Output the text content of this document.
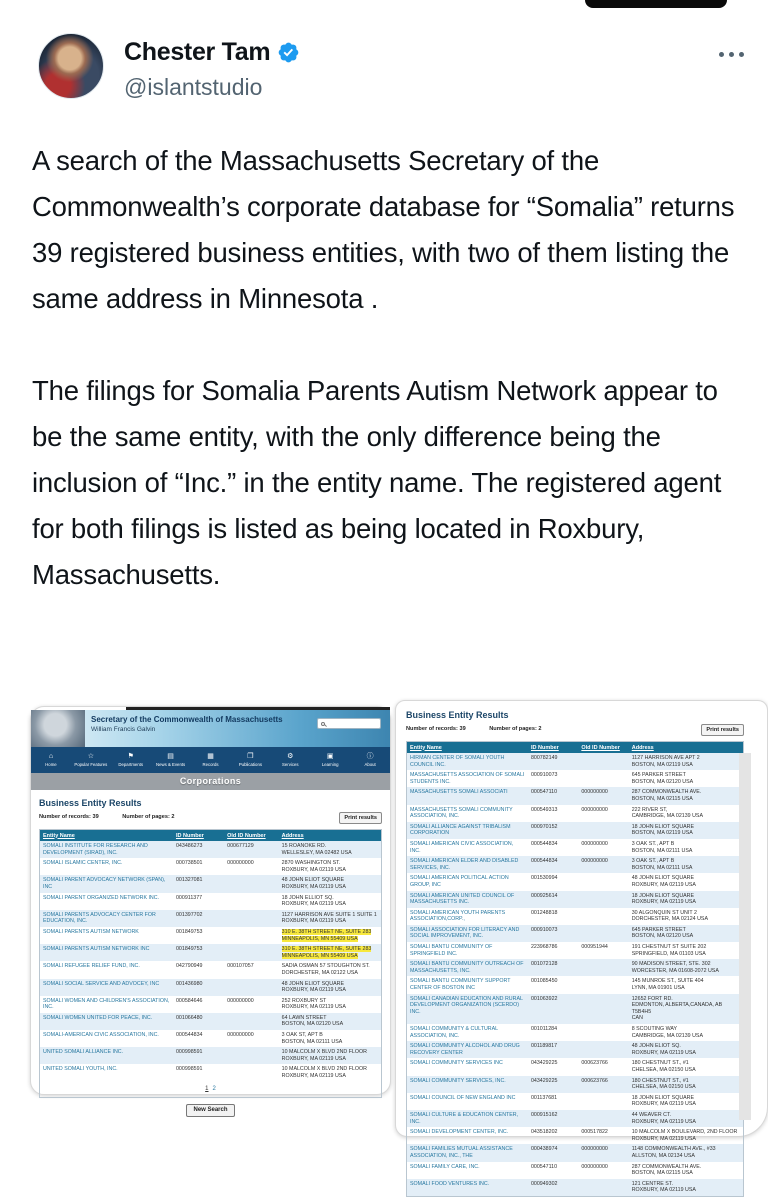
Chester Tam
@islantstudio

A search of the Massachusetts Secretary of the Commonwealth’s corporate database for “Somalia” returns 39 registered business entities, with two of them listing the same address in Minnesota .

The filings for Somalia Parents Autism Network appear to be the same entity, with the only difference being the inclusion of “Inc.” in the entity name. The registered agent for both filings is listed as being located in Roxbury, Massachusetts.

Secretary of the Commonwealth of Massachusetts
William Francis Galvin
⌂
Home
☆
Popular Features
⚑
Departments
▤
News & Events
▦
Records
❐
Publications
⚙
Services
▣
Learning
ⓘ
About
Corporations
Business Entity Results
Number of records: 39	Number of pages: 2	Print results
Entity Name	ID Number	Old ID Number	Address
SOMALI INSTITUTE FOR RESEARCH AND DEVELOPMENT (SIRAD), INC.	043486273	000677129	15 ROANOKE RD.
WELLESLEY, MA 02482 USA

SOMALI ISLAMIC CENTER, INC.	000738501	000000000	2870 WASHINGTON ST.
ROXBURY, MA 02119 USA

SOMALI PARENT ADVOCACY NETWORK (SPAN), INC	001327081		48 JOHN ELIOT SQUARE
ROXBURY, MA 02119 USA

SOMALI PARENT ORGANIZED NETWORK INC.	000911377		18 JOHN ELLIOT SQ.
ROXBURY, MA 02119 USA

SOMALI PARENTS ADVOCACY CENTER FOR EDUCATION, INC.	001397702		1127 HARRISON AVE SUITE 1 SUITE 1
ROXBURY, MA 02119 USA

SOMALI PARENTS AUTISM NETWORK	001849753		310 E. 38TH STREET NE, SUITE 283
MINNEAPOLIS, MN 55409 USA

SOMALI PARENTS AUTISM NETWORK INC	001849753		310 E. 38TH STREET NE, SUITE 283
MINNEAPOLIS, MN 55409 USA

SOMALI REFUGEE RELIEF FUND, INC.	042790949	000107057	SADIA OSMAN 57 STOUGHTON ST.
DORCHESTER, MA 02122 USA

SOMALI SOCIAL SERVICE AND ADVOCEY, INC	001436980		48 JOHN ELIOT SQUARE
ROXBURY, MA 02119 USA

SOMALI WOMEN AND CHILDREN'S ASSOCIATION, INC.	000584646	000000000	252 ROXBURY ST
ROXBURY, MA 02119 USA

SOMALI WOMEN UNITED FOR PEACE, INC.	001066480		64 LAWN STREET
BOSTON, MA 02120 USA

SOMALI-AMERICAN CIVIC ASSOCIATION, INC.	000544834	000000000	3 OAK ST, APT B
BOSTON, MA 02111 USA

UNITED SOMALI ALLIANCE INC.	000998591		10 MALCOLM X BLVD 2ND FLOOR
ROXBURY, MA 02119 USA

UNITED SOMALI YOUTH, INC.	000998591		10 MALCOLM X BLVD 2ND FLOOR
ROXBURY, MA 02119 USA
1 2
New Search
Business Entity Results
Number of records: 39	Number of pages: 2	Print results
Entity Name	ID Number	Old ID Number	Address
HIRMAN CENTER OF SOMALI YOUTH COUNCIL INC.	800782149		1127 HARRISON AVE APT 2
BOSTON, MA 02119 USA

MASSACHUSETTS ASSOCIATION OF SOMALI STUDENTS INC.	000910073		645 PARKER STREET
BOSTON, MA 02120 USA

MASSACHUSETTS SOMALI ASSOCIATI	000547110	000000000	287 COMMONWEALTH AVE.
BOSTON, MA 02115 USA

MASSACHUSETTS SOMALI COMMUNITY ASSOCIATION, INC.	000549313	000000000	222 RIVER ST,
CAMBRIDGE, MA 02139 USA

SOMALI ALLIANCE AGAINST TRIBALISM CORPORATION	000970152		18 JOHN ELIOT SQUARE
BOSTON, MA 02119 USA

SOMALI AMERICAN CIVIC ASSOCIATION, INC.	000544834	000000000	3 OAK ST., APT B
BOSTON, MA 02111 USA

SOMALI AMERICAN ELDER AND DISABLED SERVICES, INC.	000544834	000000000	3 OAK ST., APT B
BOSTON, MA 02111 USA

SOMALI AMERICAN POLITICAL ACTION GROUP, INC	001530994		48 JOHN ELIOT SQUARE
ROXBURY, MA 02119 USA

SOMALI AMERICAN UNITED COUNCIL OF MASSACHUSETTS INC.	000925614		18 JOHN ELIOT SQUARE
ROXBURY, MA 02119 USA

SOMALI AMERICAN YOUTH PARENTS ASSOCIATION,CORP.,	001248818		30 ALGONQUIN ST UNIT 2
DORCHESTER, MA 02124 USA

SOMALI ASSOCIATION FOR LITERACY AND SOCIAL IMPROVEMENT, INC.	000910073		645 PARKER STREET
BOSTON, MA 02120 USA

SOMALI BANTU COMMUNITY OF SPRINGFIELD INC.	223968786	000951944	191 CHESTNUT ST SUITE 202
SPRINGFIELD, MA 01103 USA

SOMALI BANTU COMMUNITY OUTREACH OF MASSACHUSETTS, INC.	001072128		90 MADISON STREET, STE. 302
WORCESTER, MA 01608-2072 USA

SOMALI BANTU COMMUNITY SUPPORT CENTER OF BOSTON INC	001085450		145 MUNROE ST., SUITE 404
LYNN, MA 01901 USA

SOMALI CANADIAN EDUCATION AND RURAL DEVELOPMENT ORGANIZATION (SCERDO) INC.	001063922		12652 FORT RD.
EDMONTON, ALBERTA,CANADA, AB T5B4H5
CAN

SOMALI COMMUNITY & CULTURAL ASSOCIATION, INC.	001011284		8 SCOUTING WAY
CAMBRIDGE, MA 02139 USA

SOMALI COMMUNITY ALCOHOL AND DRUG RECOVERY CENTER	001189817		48 JOHN ELIOT SQ.
ROXBURY, MA 02119 USA

SOMALI COMMUNITY SERVICES INC	043429225	000623766	180 CHESTNUT ST., #1
CHELSEA, MA 02150 USA

SOMALI COMMUNITY SERVICES, INC.	043429225	000623766	180 CHESTNUT ST., #1
CHELSEA, MA 02150 USA

SOMALI COUNCIL OF NEW ENGLAND INC	001137681		18 JOHN ELIOT SQUARE
ROXBURY, MA 02119 USA

SOMALI CULTURE & EDUCATION CENTER, INC.	000915162		44 WEAVER CT.
ROXBURY, MA 02119 USA

SOMALI DEVELOPMENT CENTER, INC.	043518202	000517822	10 MALCOLM X BOULEVARD, 2ND FLOOR
ROXBURY, MA 02119 USA

SOMALI FAMILIES MUTUAL ASSISTANCE ASSOCIATION, INC., THE	000438974	000000000	1148 COMMONWEALTH AVE., #33
ALLSTON, MA 02134 USA

SOMALI FAMILY CARE, INC.	000547110	000000000	287 COMMONWEALTH AVE.
BOSTON, MA 02115 USA

SOMALI FOOD VENTURES INC.	000949302		121 CENTRE ST.
ROXBURY, MA 02119 USA
